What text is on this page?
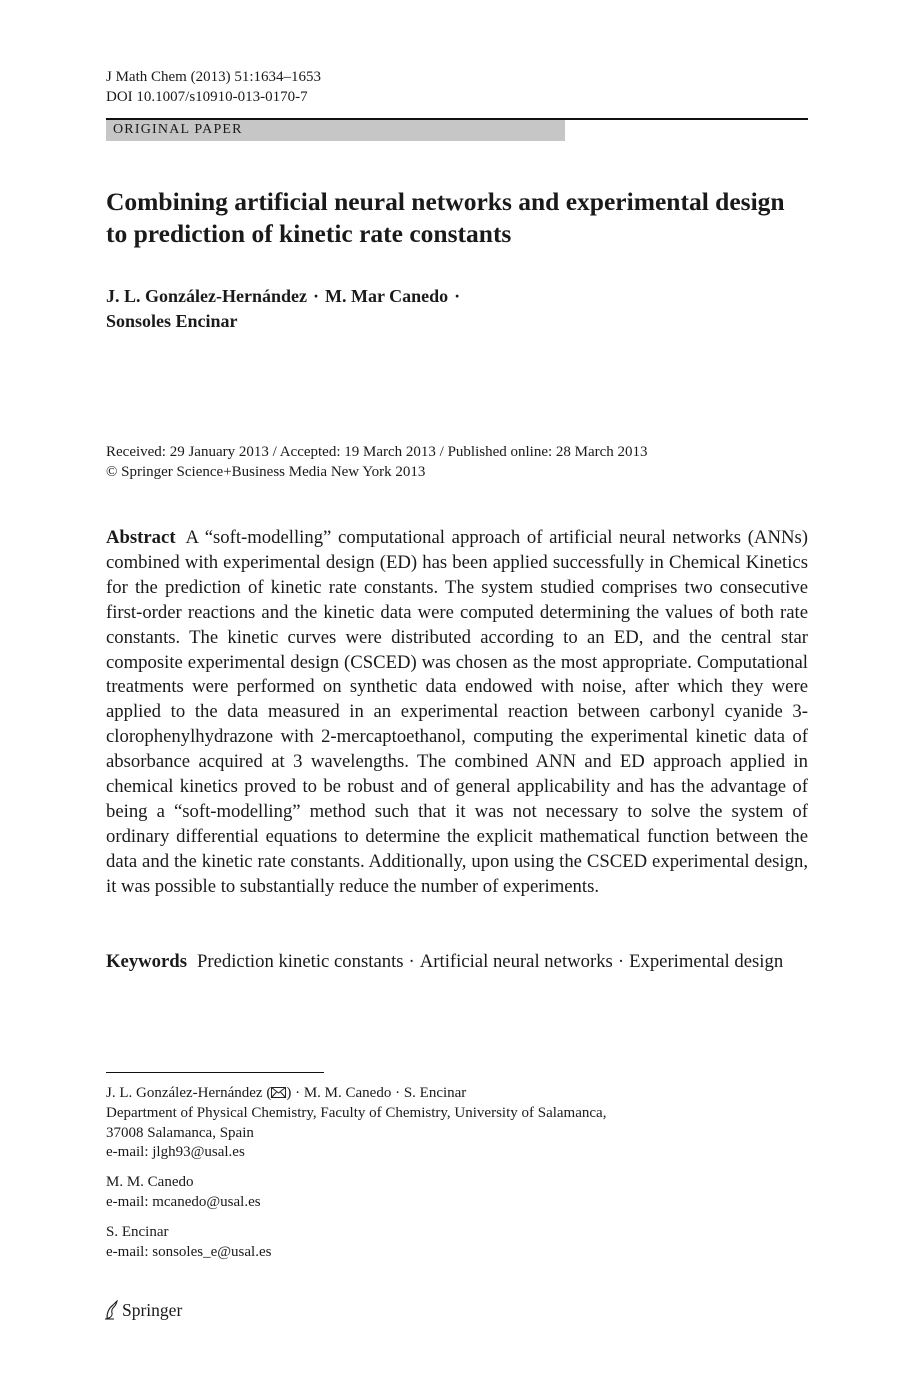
J Math Chem (2013) 51:1634–1653
DOI 10.1007/s10910-013-0170-7
ORIGINAL PAPER
Combining artificial neural networks and experimental design to prediction of kinetic rate constants
J. L. González-Hernández · M. Mar Canedo ·
Sonsoles Encinar
Received: 29 January 2013 / Accepted: 19 March 2013 / Published online: 28 March 2013
© Springer Science+Business Media New York 2013

Abstract A “soft-modelling” computational approach of artificial neural networks (ANNs) combined with experimental design (ED) has been applied successfully in Chemical Kinetics for the prediction of kinetic rate constants. The system studied comprises two consecutive first-order reactions and the kinetic data were computed determining the values of both rate constants. The kinetic curves were distributed according to an ED, and the central star composite experimental design (CSCED) was chosen as the most appropriate. Computational treatments were performed on synthetic data endowed with noise, after which they were applied to the data measured in an experimental reaction between carbonyl cyanide 3-clorophenylhydrazone with 2-mercaptoethanol, computing the experimental kinetic data of absorbance acquired at 3 wavelengths. The combined ANN and ED approach applied in chemical kinetics proved to be robust and of general applicability and has the advantage of being a “soft-modelling” method such that it was not necessary to solve the system of ordinary differential equations to determine the explicit mathematical function between the data and the kinetic rate constants. Additionally, upon using the CSCED experimental design, it was possible to substantially reduce the number of experiments.

Keywords Prediction kinetic constants · Artificial neural networks · Experimental design

J. L. González-Hernández ( ) · M. M. Canedo · S. Encinar
Department of Physical Chemistry, Faculty of Chemistry, University of Salamanca,
37008 Salamanca, Spain
e-mail: jlgh93@usal.es
M. M. Canedo
e-mail: mcanedo@usal.es
S. Encinar
e-mail: sonsoles_e@usal.es
Springer
